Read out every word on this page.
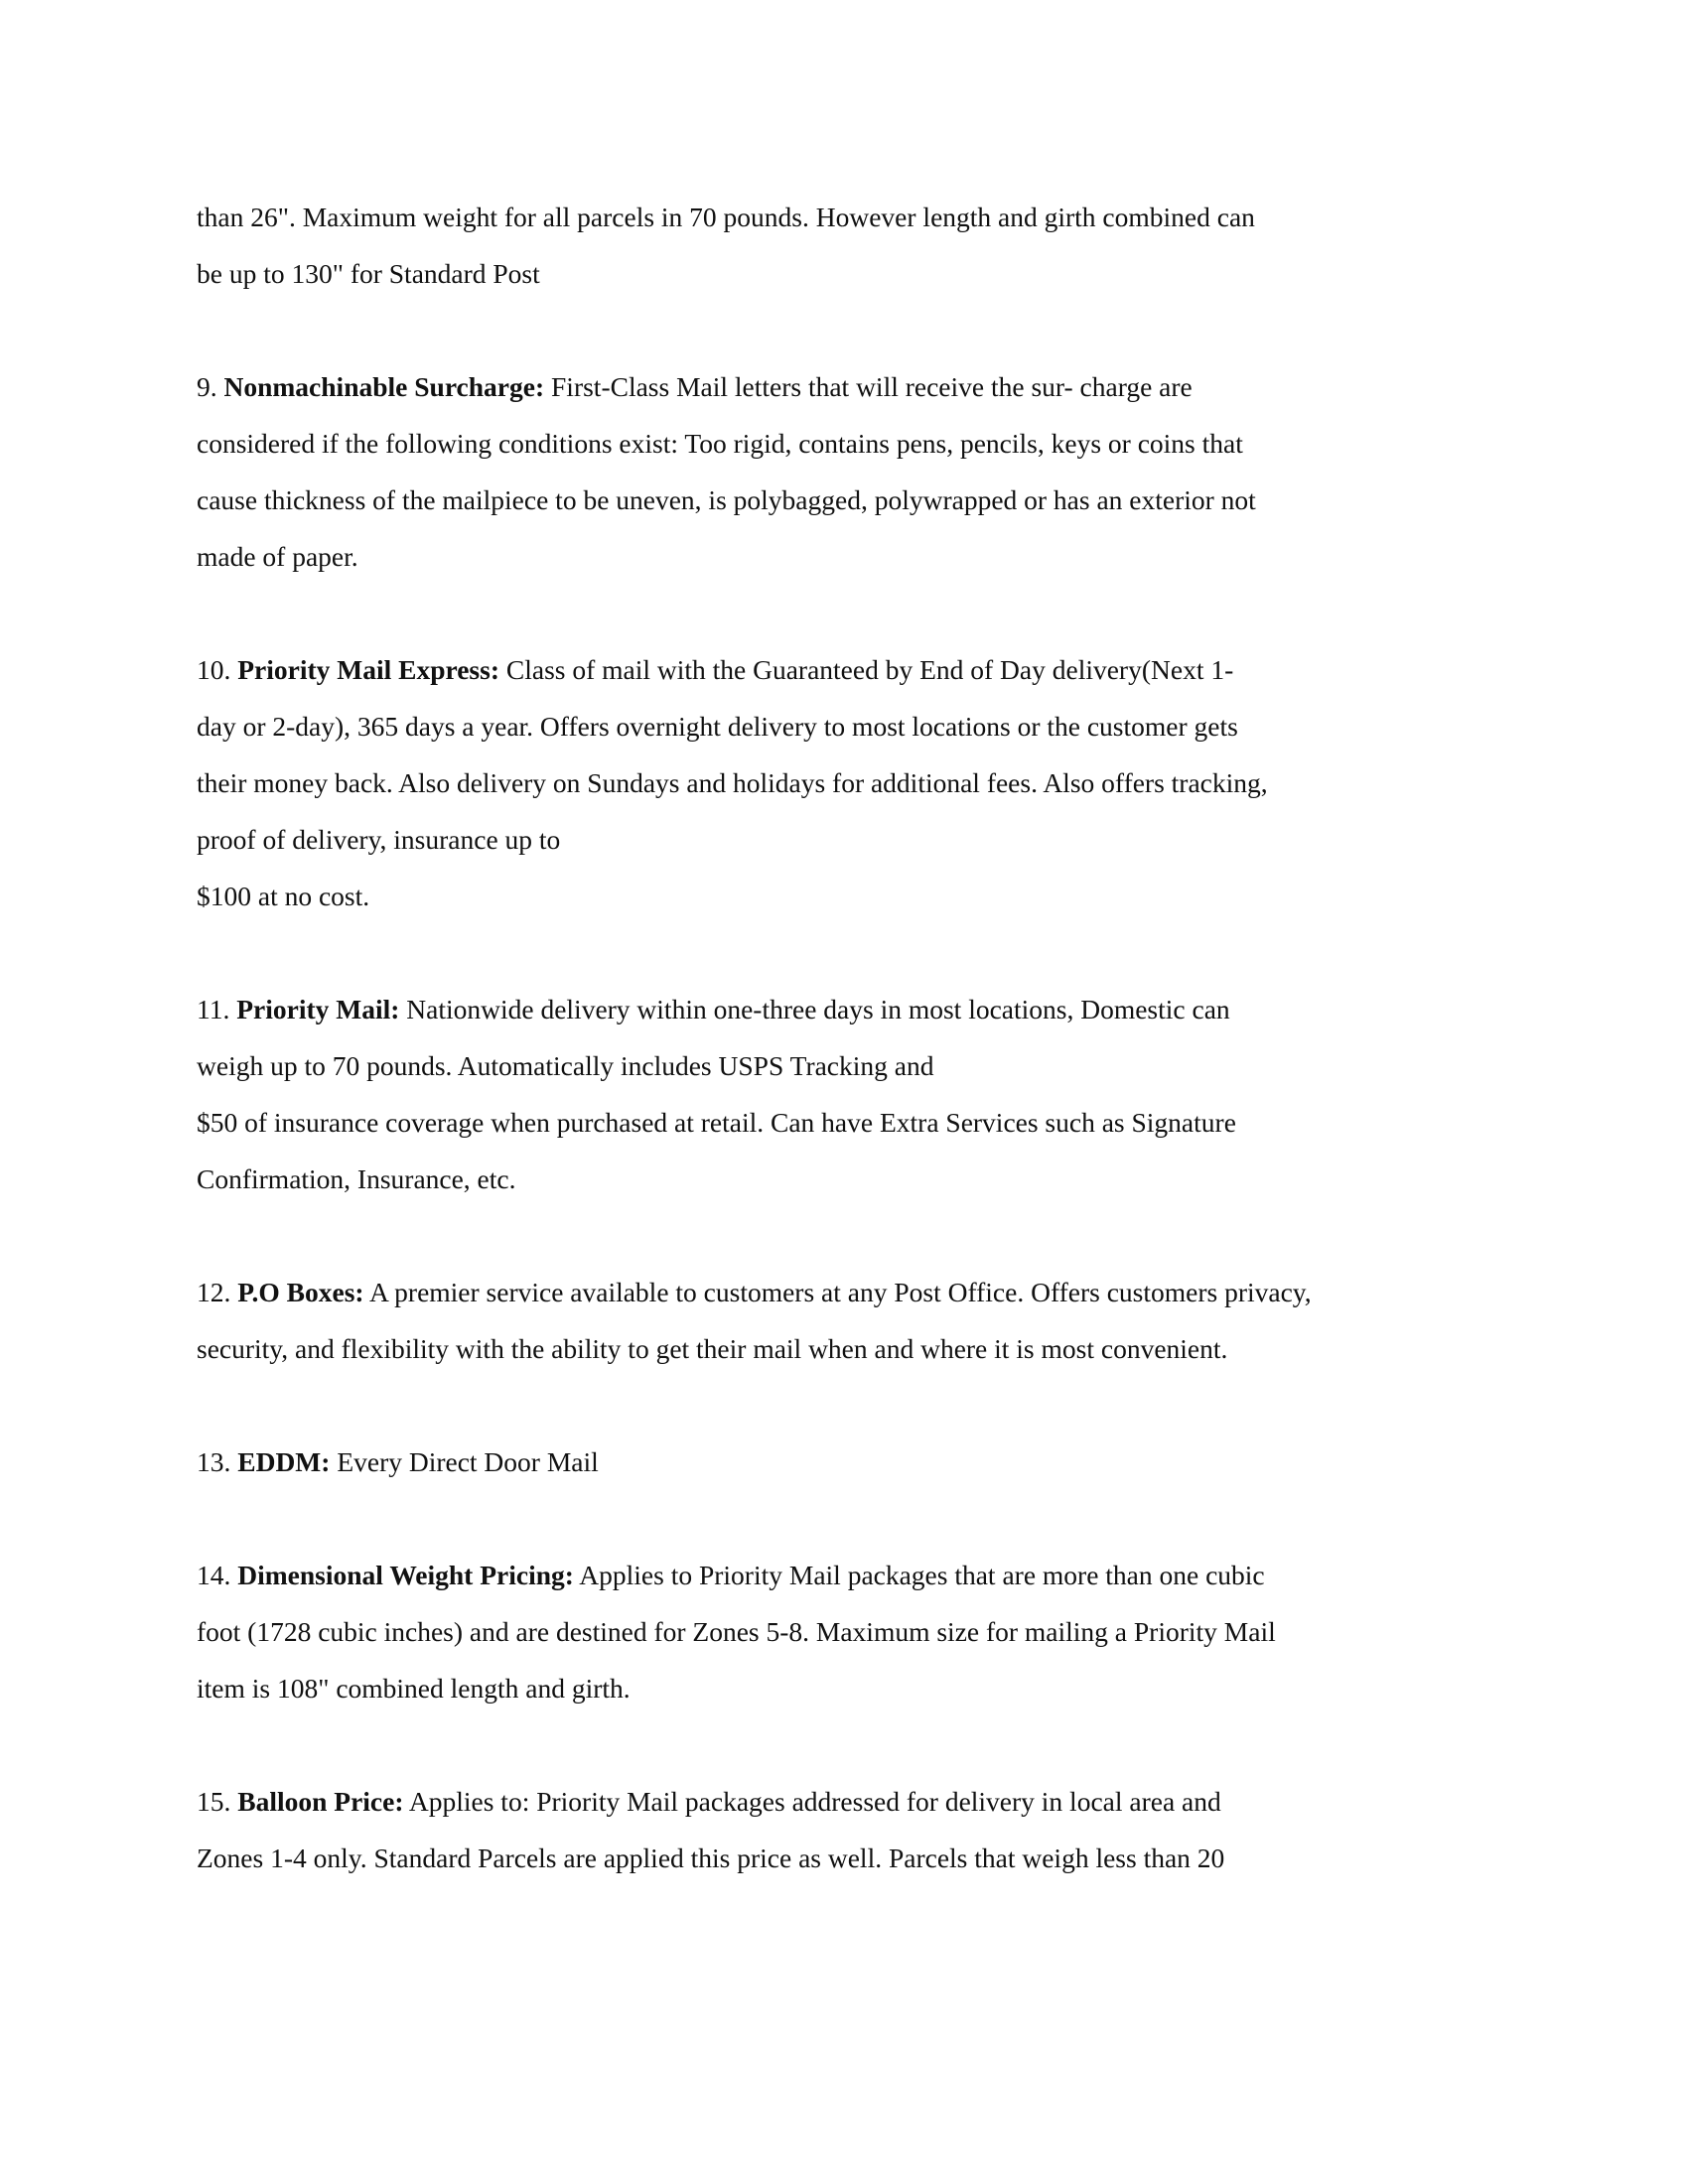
than 26". Maximum weight for all parcels in 70 pounds. However length and girth combined can
be up to 130" for Standard Post
9. Nonmachinable Surcharge: First-Class Mail letters that will receive the sur- charge are
considered if the following conditions exist: Too rigid, contains pens, pencils, keys or coins that
cause thickness of the mailpiece to be uneven, is polybagged, polywrapped or has an exterior not
made of paper.
10. Priority Mail Express: Class of mail with the Guaranteed by End of Day delivery(Next 1-
day or 2-day), 365 days a year. Offers overnight delivery to most locations or the customer gets
their money back. Also delivery on Sundays and holidays for additional fees. Also offers tracking,
proof of delivery, insurance up to
$100 at no cost.
11. Priority Mail: Nationwide delivery within one-three days in most locations, Domestic can
weigh up to 70 pounds. Automatically includes USPS Tracking and
$50 of insurance coverage when purchased at retail. Can have Extra Services such as Signature
Confirmation, Insurance, etc.
12. P.O Boxes: A premier service available to customers at any Post Office. Offers customers privacy,
security, and flexibility with the ability to get their mail when and where it is most convenient.
13. EDDM: Every Direct Door Mail
14. Dimensional Weight Pricing: Applies to Priority Mail packages that are more than one cubic
foot (1728 cubic inches) and are destined for Zones 5-8. Maximum size for mailing a Priority Mail
item is 108" combined length and girth.
15. Balloon Price: Applies to: Priority Mail packages addressed for delivery in local area and
Zones 1-4 only. Standard Parcels are applied this price as well. Parcels that weigh less than 20
